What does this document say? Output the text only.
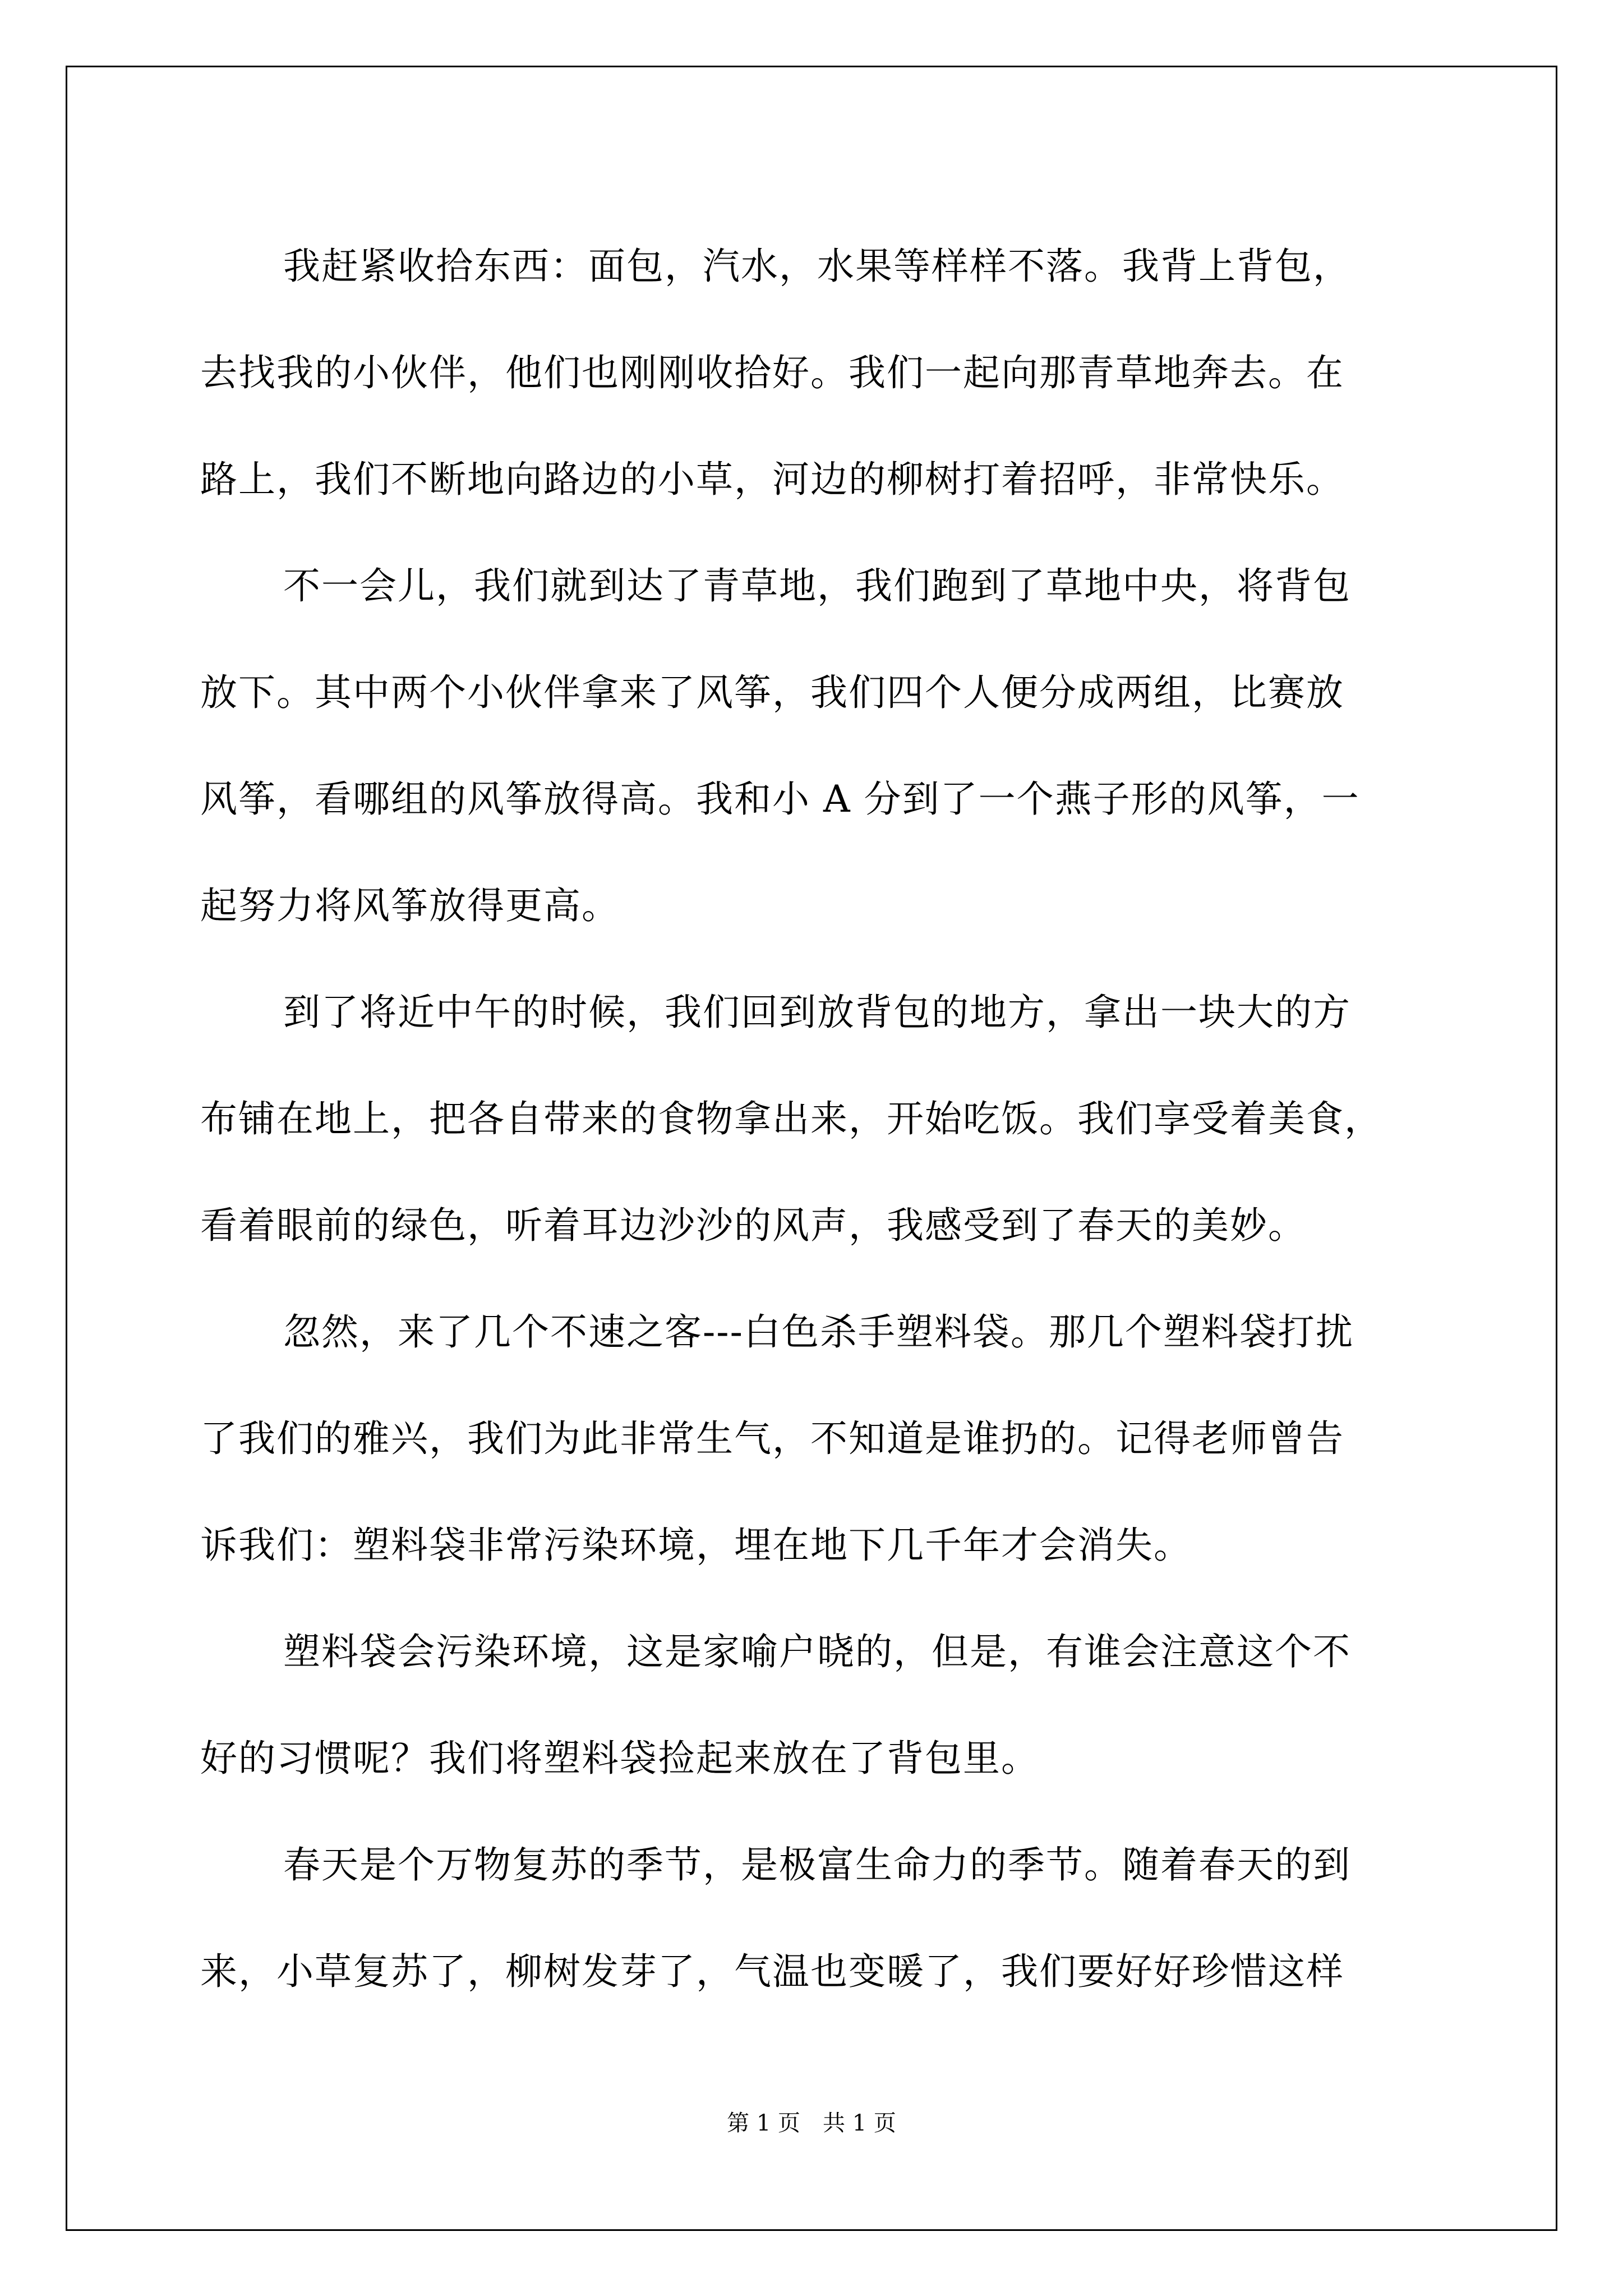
我赶紧收拾东西：面包，汽水，水果等样样不落。我背上背包，
去找我的小伙伴，他们也刚刚收拾好。我们一起向那青草地奔去。在
路上，我们不断地向路边的小草，河边的柳树打着招呼，非常快乐。
不一会儿，我们就到达了青草地，我们跑到了草地中央，将背包
放下。其中两个小伙伴拿来了风筝，我们四个人便分成两组，比赛放
风筝，看哪组的风筝放得高。我和小 A 分到了一个燕子形的风筝，一
起努力将风筝放得更高。
到了将近中午的时候，我们回到放背包的地方，拿出一块大的方
布铺在地上，把各自带来的食物拿出来，开始吃饭。我们享受着美食，
看着眼前的绿色，听着耳边沙沙的风声，我感受到了春天的美妙。
忽然，来了几个不速之客---白色杀手塑料袋。那几个塑料袋打扰
了我们的雅兴，我们为此非常生气，不知道是谁扔的。记得老师曾告
诉我们：塑料袋非常污染环境，埋在地下几千年才会消失。
塑料袋会污染环境，这是家喻户晓的，但是，有谁会注意这个不
好的习惯呢？我们将塑料袋捡起来放在了背包里。
春天是个万物复苏的季节，是极富生命力的季节。随着春天的到
来，小草复苏了，柳树发芽了，气温也变暖了，我们要好好珍惜这样
第 1 页　共 1 页
